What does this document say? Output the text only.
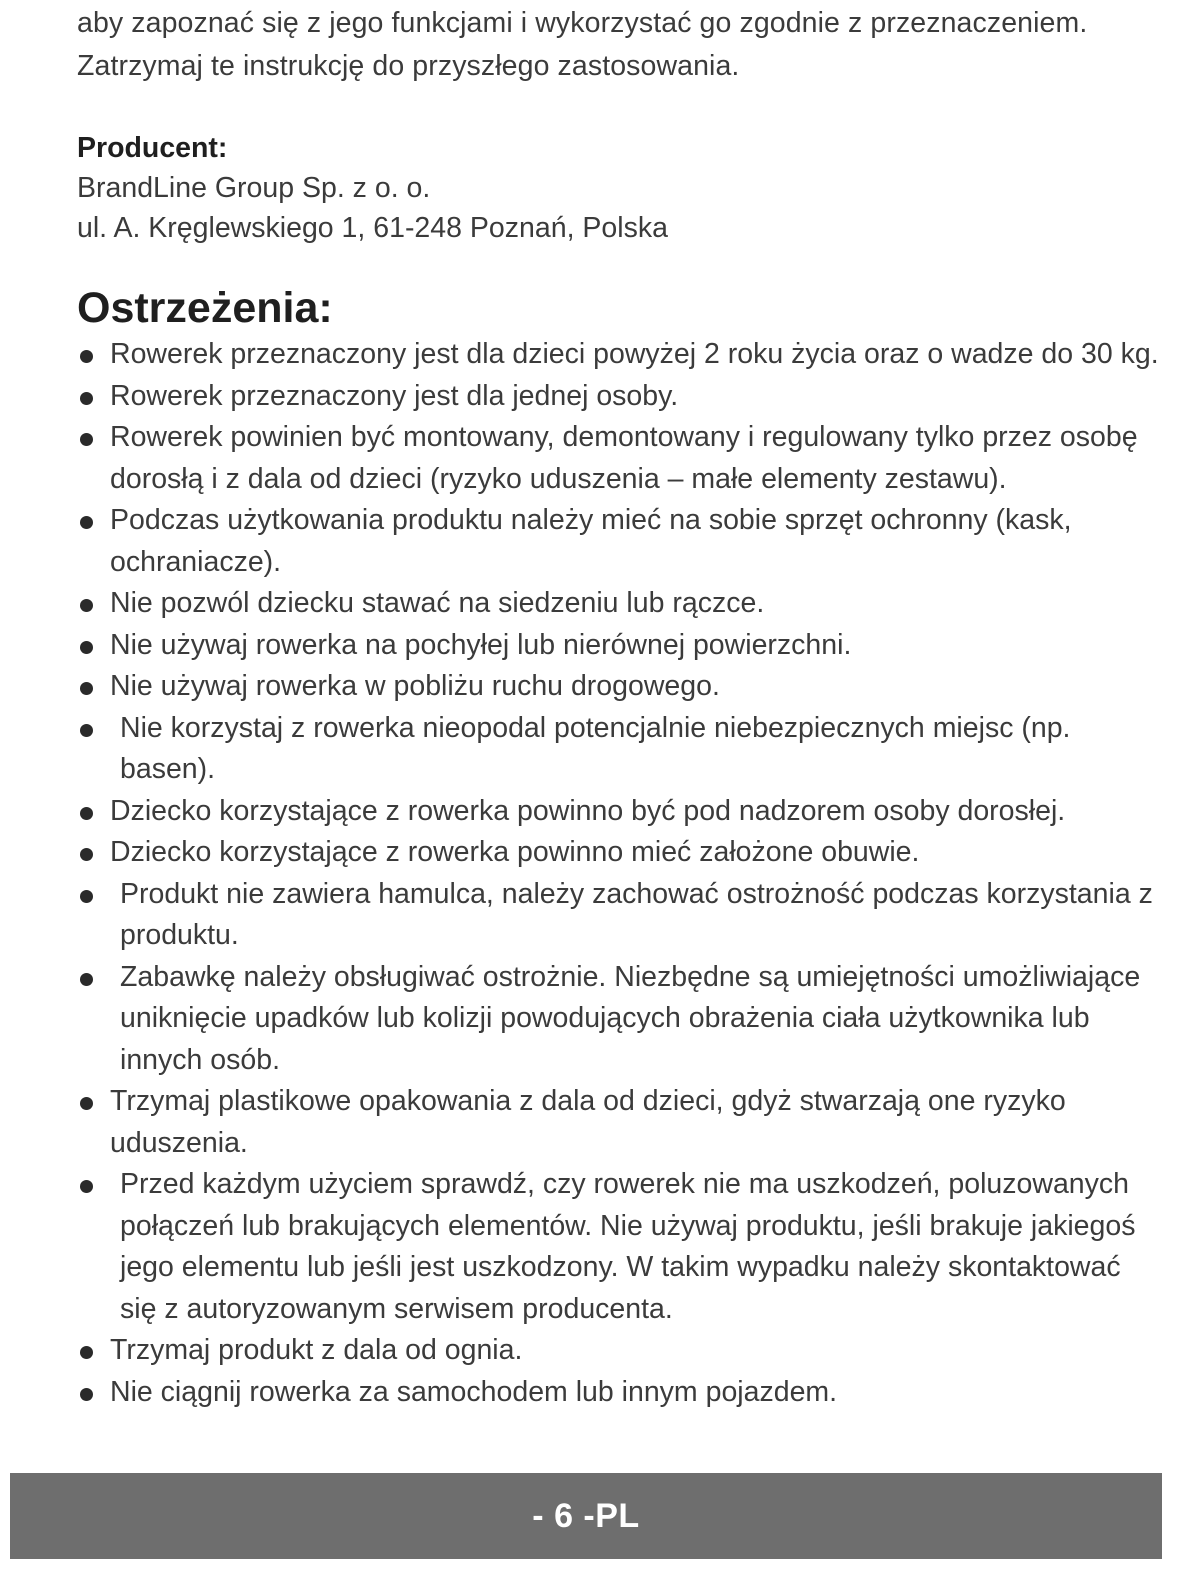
aby zapoznać się z jego funkcjami i wykorzystać go zgodnie z przeznaczeniem.

Zatrzymaj te instrukcję do przyszłego zastosowania.

Producent:

BrandLine Group Sp. z o. o.

ul. A. Kręglewskiego 1, 61-248 Poznań, Polska

Ostrzeżenia:
Rowerek przeznaczony jest dla dzieci powyżej 2 roku życia oraz o wadze do 30 kg.
Rowerek przeznaczony jest dla jednej osoby.
Rowerek powinien być montowany, demontowany i regulowany tylko przez osobę dorosłą i z dala od dzieci (ryzyko uduszenia – małe elementy zestawu).
Podczas użytkowania produktu należy mieć na sobie sprzęt ochronny (kask, ochraniacze).
Nie pozwól dziecku stawać na siedzeniu lub rączce.
Nie używaj rowerka na pochyłej lub nierównej powierzchni.
Nie używaj rowerka w pobliżu ruchu drogowego.
Nie korzystaj z rowerka nieopodal potencjalnie niebezpiecznych miejsc (np. basen).
Dziecko korzystające z rowerka powinno być pod nadzorem osoby dorosłej.
Dziecko korzystające z rowerka powinno mieć założone obuwie.
Produkt nie zawiera hamulca, należy zachować ostrożność podczas korzystania z produktu.
Zabawkę należy obsługiwać ostrożnie. Niezbędne są umiejętności umożliwiające uniknięcie upadków lub kolizji powodujących obrażenia ciała użytkownika lub innych osób.
Trzymaj plastikowe opakowania z dala od dzieci, gdyż stwarzają one ryzyko uduszenia.
Przed każdym użyciem sprawdź, czy rowerek nie ma uszkodzeń, poluzowanych połączeń lub brakujących elementów. Nie używaj produktu, jeśli brakuje jakiegoś jego elementu lub jeśli jest uszkodzony. W takim wypadku należy skontaktować się z autoryzowanym serwisem producenta.
Trzymaj produkt z dala od ognia.
Nie ciągnij rowerka za samochodem lub innym pojazdem.
- 6 -PL
